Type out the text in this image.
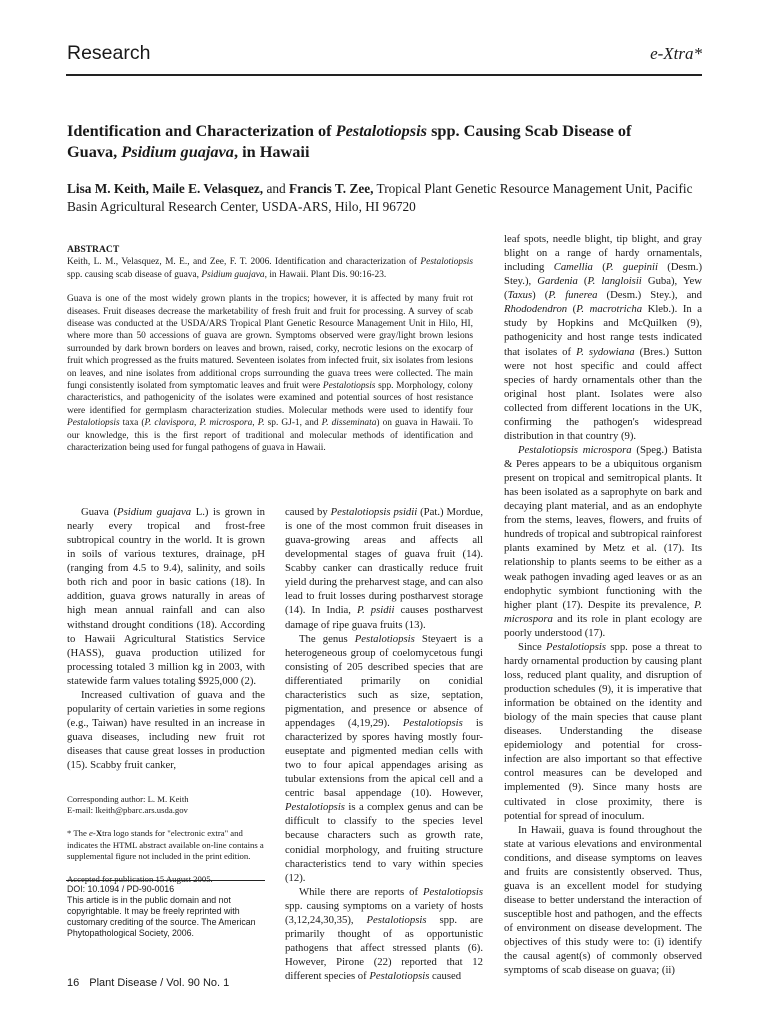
Research	e-Xtra*
Identification and Characterization of Pestalotiopsis spp. Causing Scab Disease of Guava, Psidium guajava, in Hawaii
Lisa M. Keith, Maile E. Velasquez, and Francis T. Zee, Tropical Plant Genetic Resource Management Unit, Pacific Basin Agricultural Research Center, USDA-ARS, Hilo, HI 96720

ABSTRACT

Keith, L. M., Velasquez, M. E., and Zee, F. T. 2006. Identification and characterization of Pestalotiopsis spp. causing scab disease of guava, Psidium guajava, in Hawaii. Plant Dis. 90:16-23.

Guava is one of the most widely grown plants in the tropics; however, it is affected by many fruit rot diseases. Fruit diseases decrease the marketability of fresh fruit and fruit for processing. A survey of scab disease was conducted at the USDA/ARS Tropical Plant Genetic Resource Management Unit in Hilo, HI, where more than 50 accessions of guava are grown. Symptoms observed were gray/light brown lesions surrounded by dark brown borders on leaves and brown, raised, corky, necrotic lesions on the exocarp of fruit which progressed as the fruits matured. Seventeen isolates from infected fruit, six isolates from lesions on leaves, and nine isolates from additional crops surrounding the guava trees were collected. The main fungi consistently isolated from symptomatic leaves and fruit were Pestalotiopsis spp. Morphology, colony characteristics, and pathogenicity of the isolates were examined and potential sources of host resistance were identified for germplasm characterization studies. Molecular methods were used to identify four Pestalotiopsis taxa (P. clavispora, P. microspora, P. sp. GJ-1, and P. disseminata) on guava in Hawaii. To our knowledge, this is the first report of traditional and molecular methods of identification and characterization being used for fungal pathogens of guava in Hawaii.

Guava (Psidium guajava L.) is grown in nearly every tropical and frost-free subtropical country in the world. It is grown in soils of various textures, drainage, pH (ranging from 4.5 to 9.4), salinity, and soils both rich and poor in basic cations (18). In addition, guava grows naturally in areas of high mean annual rainfall and can also withstand drought conditions (18). According to Hawaii Agricultural Statistics Service (HASS), guava production utilized for processing totaled 3 million kg in 2003, with statewide farm values totaling $925,000 (2).

Increased cultivation of guava and the popularity of certain varieties in some regions (e.g., Taiwan) have resulted in an increase in guava diseases, including new fruit rot diseases that cause great losses in production (15). Scabby fruit canker,

Corresponding author: L. M. Keith
E-mail: lkeith@pbarc.ars.usda.gov

* The e-Xtra logo stands for "electronic extra" and indicates the HTML abstract available on-line contains a supplemental figure not included in the print edition.

DOI: 10.1094 / PD-90-0016
This article is in the public domain and not copyrightable. It may be freely reprinted with customary crediting of the source. The American Phytopathological Society, 2006.

caused by Pestalotiopsis psidii (Pat.) Mordue, is one of the most common fruit diseases in guava-growing areas and affects all developmental stages of guava fruit (14). Scabby canker can drastically reduce fruit yield during the preharvest stage, and can also lead to fruit losses during postharvest storage (14). In India, P. psidii causes postharvest damage of ripe guava fruits (13).

The genus Pestalotiopsis Steyaert is a heterogeneous group of coelomycetous fungi consisting of 205 described species that are differentiated primarily on conidial characteristics such as size, septation, pigmentation, and presence or absence of appendages (4,19,29). Pestalotiopsis is characterized by spores having mostly four-euseptate and pigmented median cells with two to four apical appendages arising as tubular extensions from the apical cell and a centric basal appendage (10). However, Pestalotiopsis is a complex genus and can be difficult to classify to the species level because characters such as growth rate, conidial morphology, and fruiting structure characteristics tend to vary within species (12).

While there are reports of Pestalotiopsis spp. causing symptoms on a variety of hosts (3,12,24,30,35), Pestalotiopsis spp. are primarily thought of as opportunistic pathogens that affect stressed plants (6). However, Pirone (22) reported that 12 different species of Pestalotiopsis caused

leaf spots, needle blight, tip blight, and gray blight on a range of hardy ornamentals, including Camellia (P. guepinii (Desm.) Stey.), Gardenia (P. langloisii Guba), Yew (Taxus) (P. funerea (Desm.) Stey.), and Rhododendron (P. macrotricha Kleb.). In a study by Hopkins and McQuilken (9), pathogenicity and host range tests indicated that isolates of P. sydowiana (Bres.) Sutton were not host specific and could affect species of hardy ornamentals other than the original host plant. Isolates were also collected from different locations in the UK, confirming the pathogen's widespread distribution in that country (9).

Pestalotiopsis microspora (Speg.) Batista & Peres appears to be a ubiquitous organism present on tropical and semitropical plants. It has been isolated as a saprophyte on bark and decaying plant material, and as an endophyte from the stems, leaves, flowers, and fruits of hundreds of tropical and subtropical rainforest plants examined by Metz et al. (17). Its relationship to plants seems to be either as a weak pathogen invading aged leaves or as an endophytic symbiont functioning with the higher plant (17). Despite its prevalence, P. microspora and its role in plant ecology are poorly understood (17).

Since Pestalotiopsis spp. pose a threat to hardy ornamental production by causing plant loss, reduced plant quality, and disruption of production schedules (9), it is imperative that information be obtained on the identity and biology of the main species that cause plant diseases. Understanding the disease epidemiology and potential for cross-infection are also important so that effective control measures can be developed and implemented (9). Since many hosts are cultivated in close proximity, there is potential for spread of inoculum.

In Hawaii, guava is found throughout the state at various elevations and environmental conditions, and disease symptoms on leaves and fruits are consistently observed. Thus, guava is an excellent model for studying disease to better understand the interaction of susceptible host and pathogen, and the effects of environment on disease development. The objectives of this study were to: (i) identify the causal agent(s) of commonly observed symptoms of scab disease on guava; (ii)

16 Plant Disease / Vol. 90 No. 1
